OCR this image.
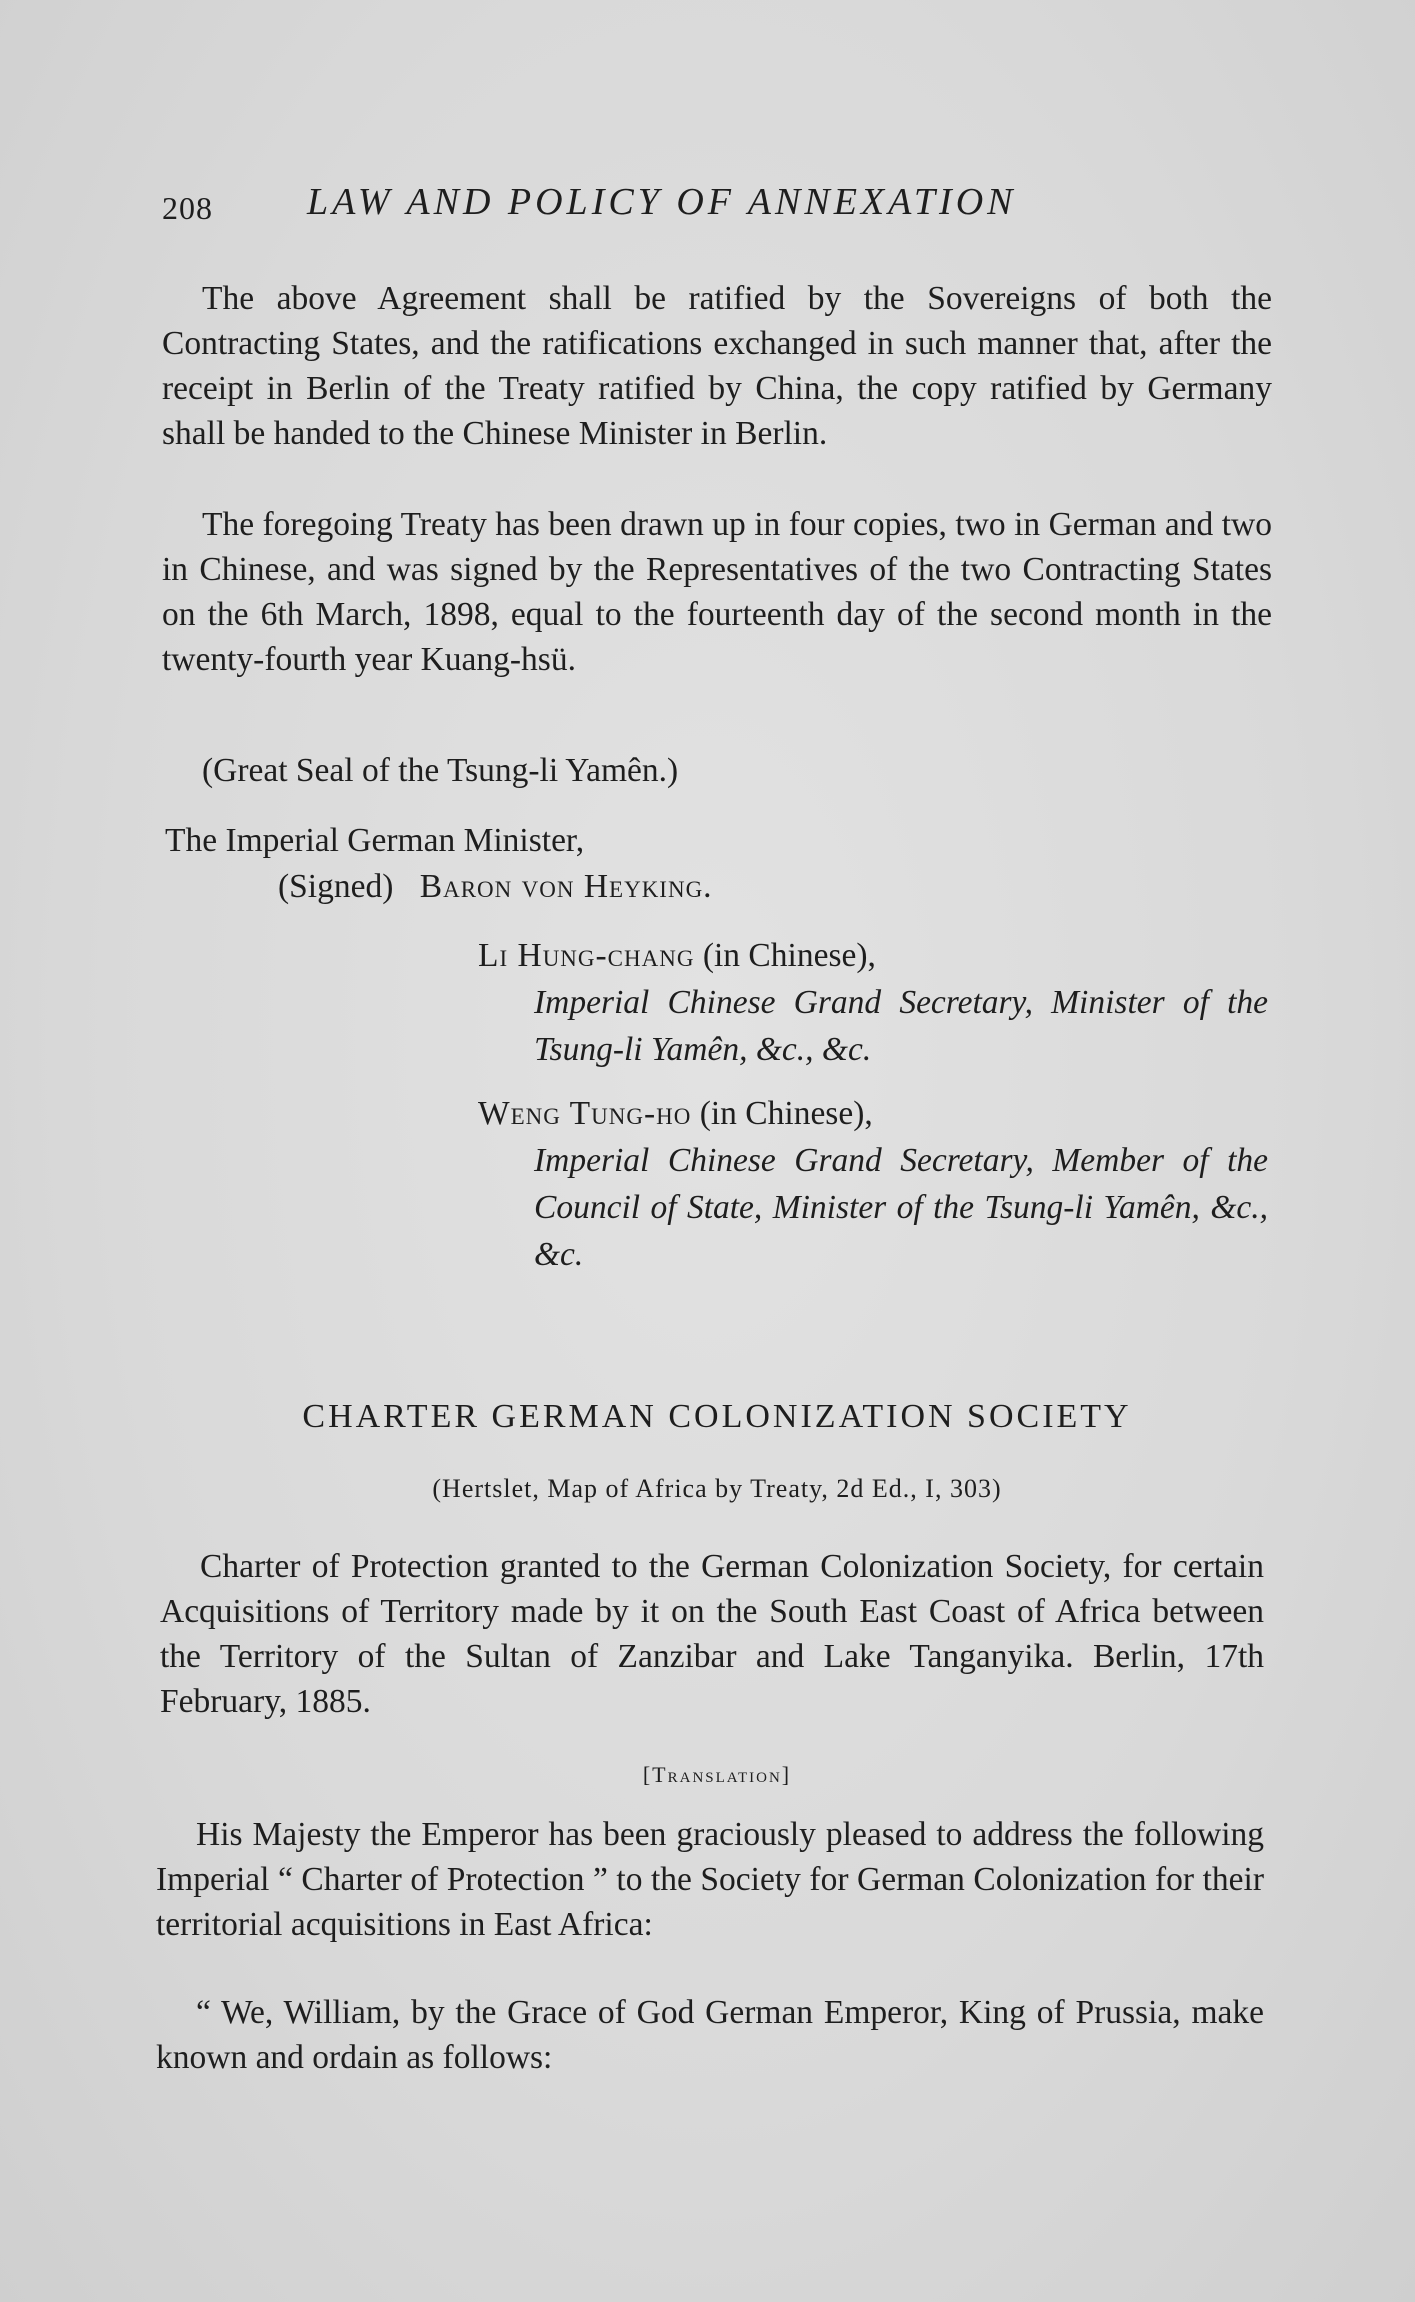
208 LAW AND POLICY OF ANNEXATION

The above Agreement shall be ratified by the Sovereigns of both the Contracting States, and the ratifications exchanged in such manner that, after the receipt in Berlin of the Treaty ratified by China, the copy ratified by Germany shall be handed to the Chinese Minister in Berlin.

The foregoing Treaty has been drawn up in four copies, two in German and two in Chinese, and was signed by the Representatives of the two Contracting States on the 6th March, 1898, equal to the fourteenth day of the second month in the twenty-fourth year Kuang-hsü.

(Great Seal of the Tsung-li Yamên.)
The Imperial German Minister,
(Signed) Baron von Heyking.
Li Hung-chang (in Chinese),
Imperial Chinese Grand Secretary, Minister of the Tsung-li Yamên, &c., &c.
Weng Tung-ho (in Chinese),
Imperial Chinese Grand Secretary, Member of the Council of State, Minister of the Tsung-li Yamên, &c., &c.
CHARTER GERMAN COLONIZATION SOCIETY
(Hertslet, Map of Africa by Treaty, 2d Ed., I, 303)

Charter of Protection granted to the German Colonization Society, for certain Acquisitions of Territory made by it on the South East Coast of Africa between the Territory of the Sultan of Zanzibar and Lake Tanganyika. Berlin, 17th February, 1885.

[Translation]

His Majesty the Emperor has been graciously pleased to address the following Imperial “ Charter of Protection ” to the Society for German Colonization for their territorial acquisitions in East Africa:

“ We, William, by the Grace of God German Emperor, King of Prussia, make known and ordain as follows:
